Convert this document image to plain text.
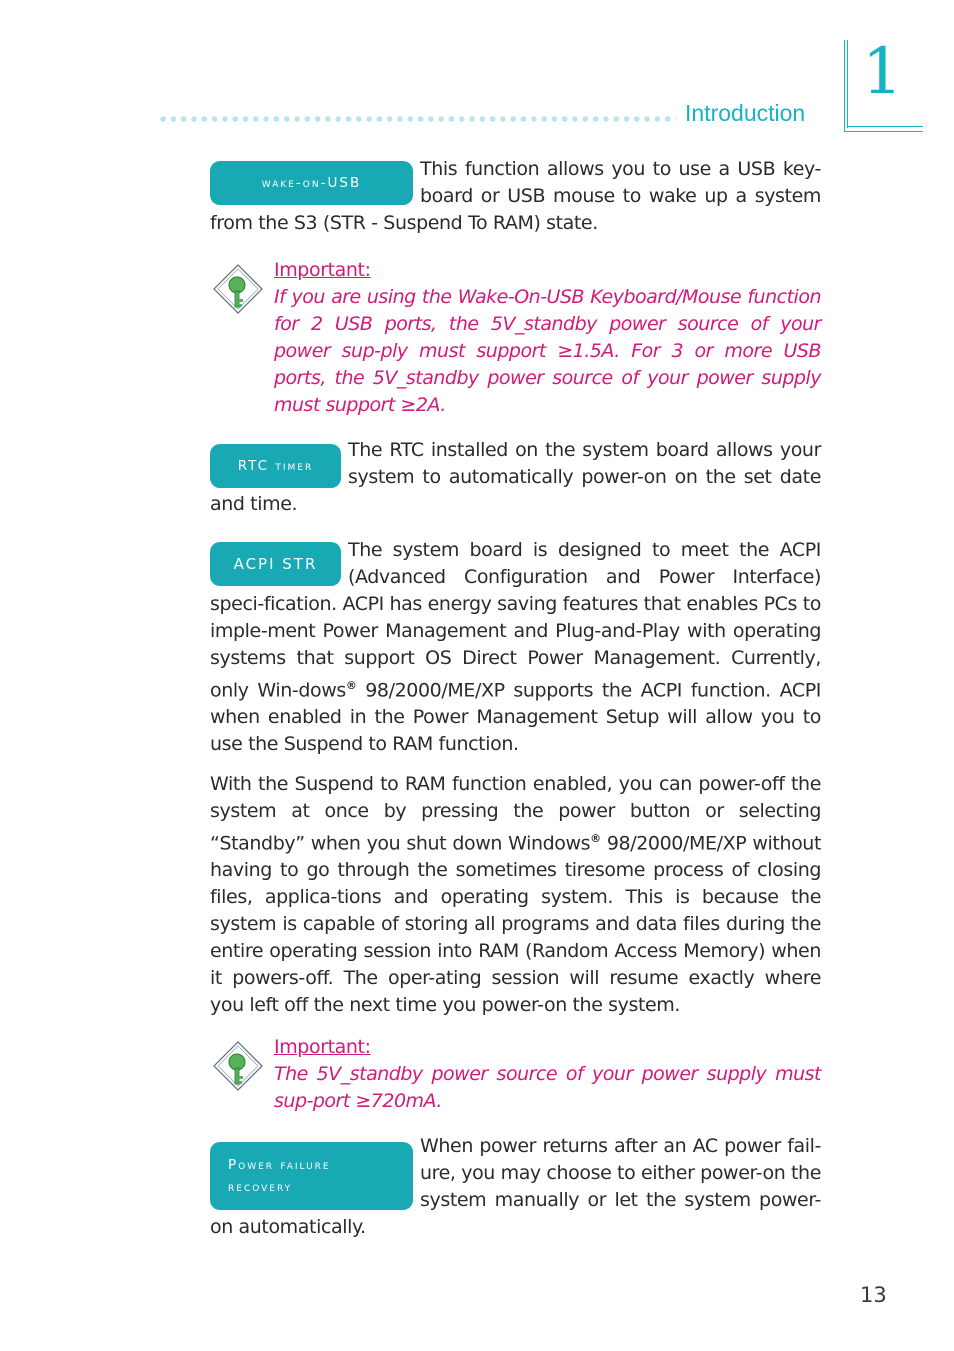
Introduction
1
wake-on-USB

This function allows you to use a USB key-board or USB mouse to wake up a system from the S3 (STR - Suspend To RAM) state.

Important:

If you are using the Wake-On-USB Keyboard/Mouse function for 2 USB ports, the 5V_standby power source of your power sup-ply must support ≥1.5A. For 3 or more USB ports, the 5V_standby power source of your power supply must support ≥2A.

RTC timer

The RTC installed on the system board allows your system to automatically power-on on the set date and time.

ACPI STR

The system board is designed to meet the ACPI (Advanced Configuration and Power Interface) speci-fication. ACPI has energy saving features that enables PCs to imple-ment Power Management and Plug-and-Play with operating systems that support OS Direct Power Management. Currently, only Win-dows® 98/2000/ME/XP supports the ACPI function. ACPI when enabled in the Power Management Setup will allow you to use the Suspend to RAM function.

With the Suspend to RAM function enabled, you can power-off the system at once by pressing the power button or selecting “Standby” when you shut down Windows® 98/2000/ME/XP without having to go through the sometimes tiresome process of closing files, applica-tions and operating system. This is because the system is capable of storing all programs and data files during the entire operating session into RAM (Random Access Memory) when it powers-off. The oper-ating session will resume exactly where you left off the next time you power-on the system.

Important:

The 5V_standby power source of your power supply must sup-port ≥720mA.

Power failure recovery

When power returns after an AC power fail-ure, you may choose to either power-on the system manually or let the system power-on automatically.

13
